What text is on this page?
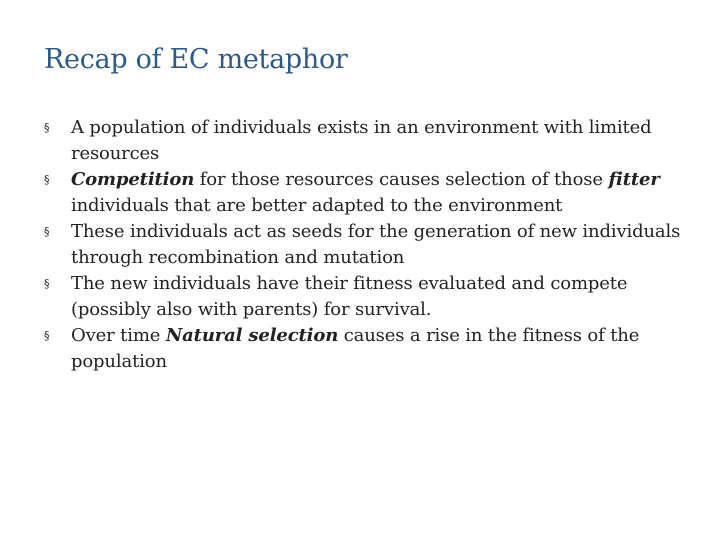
Recap of EC metaphor
§	A population of individuals exists in an environment with limited resources
§	Competition for those resources causes selection of those fitter individuals that are better adapted to the environment
§	These individuals act as seeds for the generation of new individuals through recombination and mutation
§	The new individuals have their fitness evaluated and compete (possibly also with parents) for survival.
§	Over time Natural selection causes a rise in the fitness of the population
